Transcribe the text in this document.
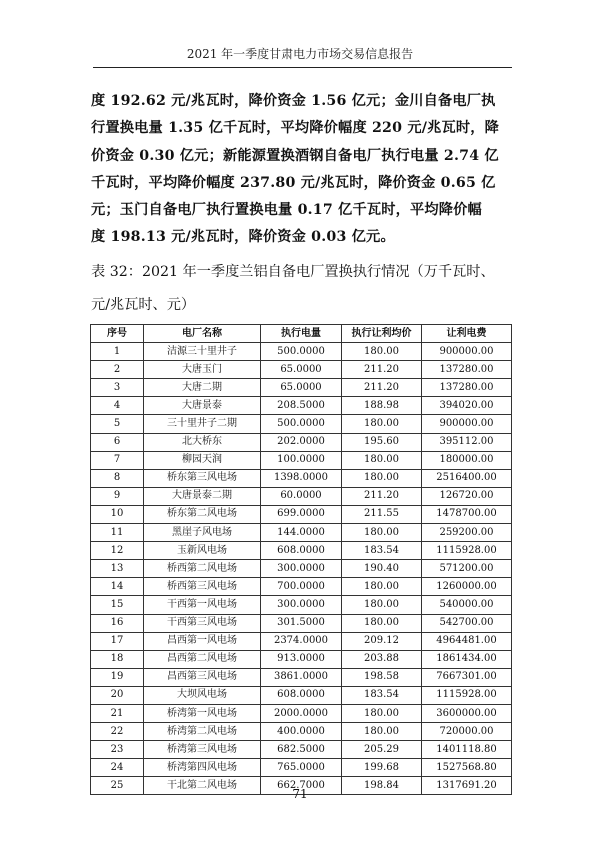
2021 年一季度甘肃电力市场交易信息报告

度 192.62 元/兆瓦时，降价资金 1.56 亿元；金川自备电厂执

行置换电量 1.35 亿千瓦时，平均降价幅度 220 元/兆瓦时，降

价资金 0.30 亿元；新能源置换酒钢自备电厂执行电量 2.74 亿

千瓦时，平均降价幅度 237.80 元/兆瓦时，降价资金 0.65 亿

元；玉门自备电厂执行置换电量 0.17 亿千瓦时，平均降价幅

度 198.13 元/兆瓦时，降价资金 0.03 亿元。

表 32：2021 年一季度兰铝自备电厂置换执行情况（万千瓦时、

元/兆瓦时、元）

序号	电厂名称	执行电量	执行让利均价	让利电费
1	洁源三十里井子	500.0000	180.00	900000.00
2	大唐玉门	65.0000	211.20	137280.00
3	大唐二期	65.0000	211.20	137280.00
4	大唐景泰	208.5000	188.98	394020.00
5	三十里井子二期	500.0000	180.00	900000.00
6	北大桥东	202.0000	195.60	395112.00
7	柳园天润	100.0000	180.00	180000.00
8	桥东第三风电场	1398.0000	180.00	2516400.00
9	大唐景泰二期	60.0000	211.20	126720.00
10	桥东第二风电场	699.0000	211.55	1478700.00
11	黑崖子风电场	144.0000	180.00	259200.00
12	玉新风电场	608.0000	183.54	1115928.00
13	桥西第二风电场	300.0000	190.40	571200.00
14	桥西第三风电场	700.0000	180.00	1260000.00
15	干西第一风电场	300.0000	180.00	540000.00
16	干西第三风电场	301.5000	180.00	542700.00
17	昌西第一风电场	2374.0000	209.12	4964481.00
18	昌西第二风电场	913.0000	203.88	1861434.00
19	昌西第三风电场	3861.0000	198.58	7667301.00
20	大坝风电场	608.0000	183.54	1115928.00
21	桥湾第一风电场	2000.0000	180.00	3600000.00
22	桥湾第二风电场	400.0000	180.00	720000.00
23	桥湾第三风电场	682.5000	205.29	1401118.80
24	桥湾第四风电场	765.0000	199.68	1527568.80
25	干北第二风电场	662.7000	198.84	1317691.20
71
